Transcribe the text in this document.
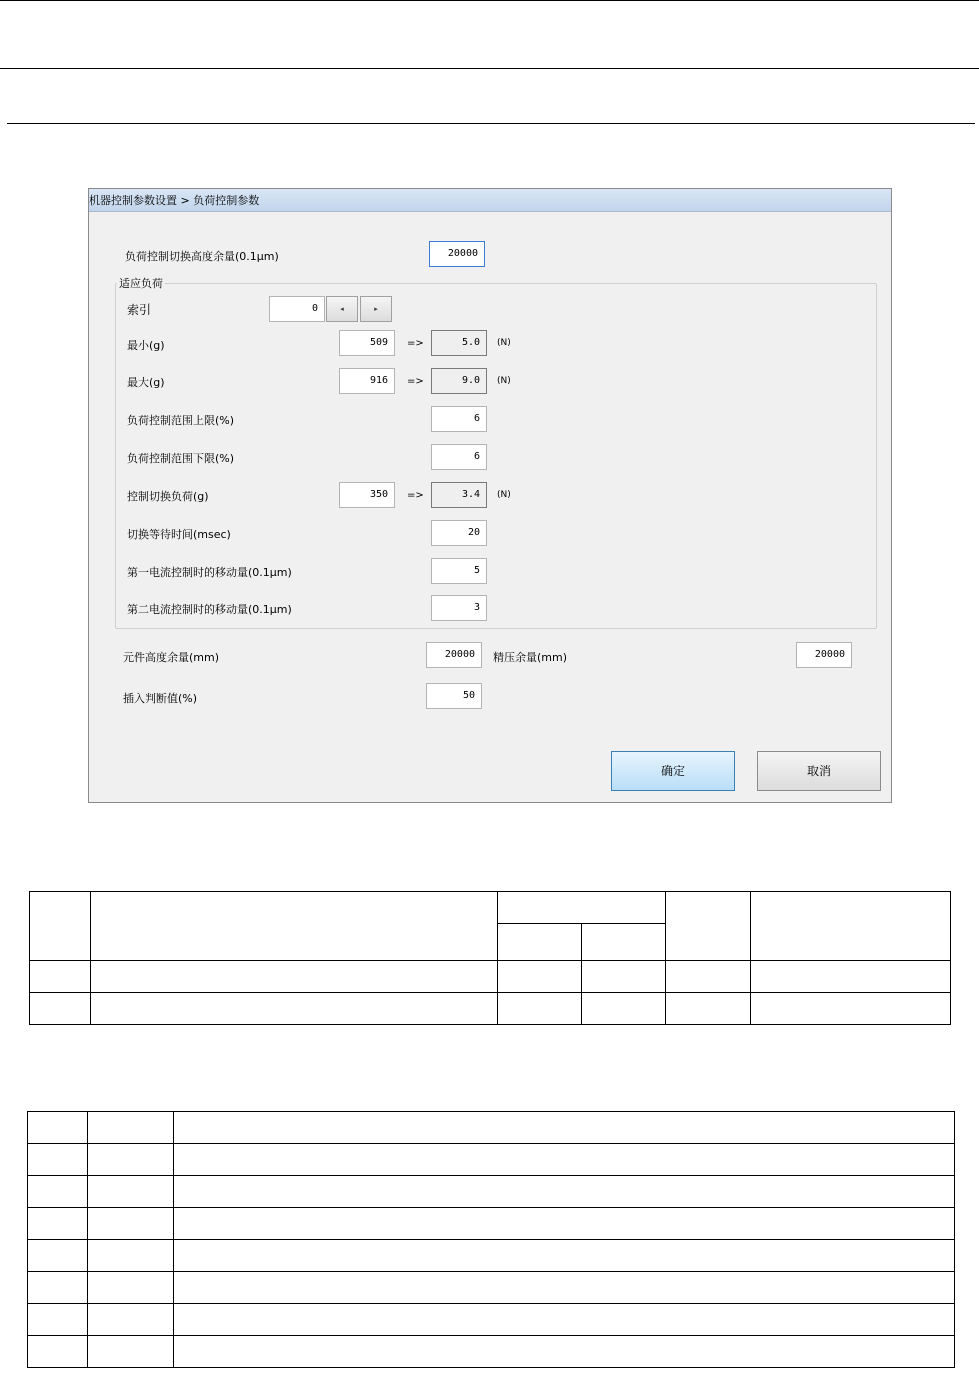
机器控制参数设置 > 负荷控制参数
负荷控制切换高度余量(0.1μm)	20000
适应负荷
索引	0	◂	▸
最小(g)	509	=>	5.0	(N)
最大(g)	916	=>	9.0	(N)
负荷控制范围上限(%)	6
负荷控制范围下限(%)	6
控制切换负荷(g)	350	=>	3.4	(N)
切换等待时间(msec)	20
第一电流控制时的移动量(0.1μm)	5
第二电流控制时的移动量(0.1μm)	3
元件高度余量(mm)	20000	精压余量(mm)	20000
插入判断值(%)	50
确定	取消
